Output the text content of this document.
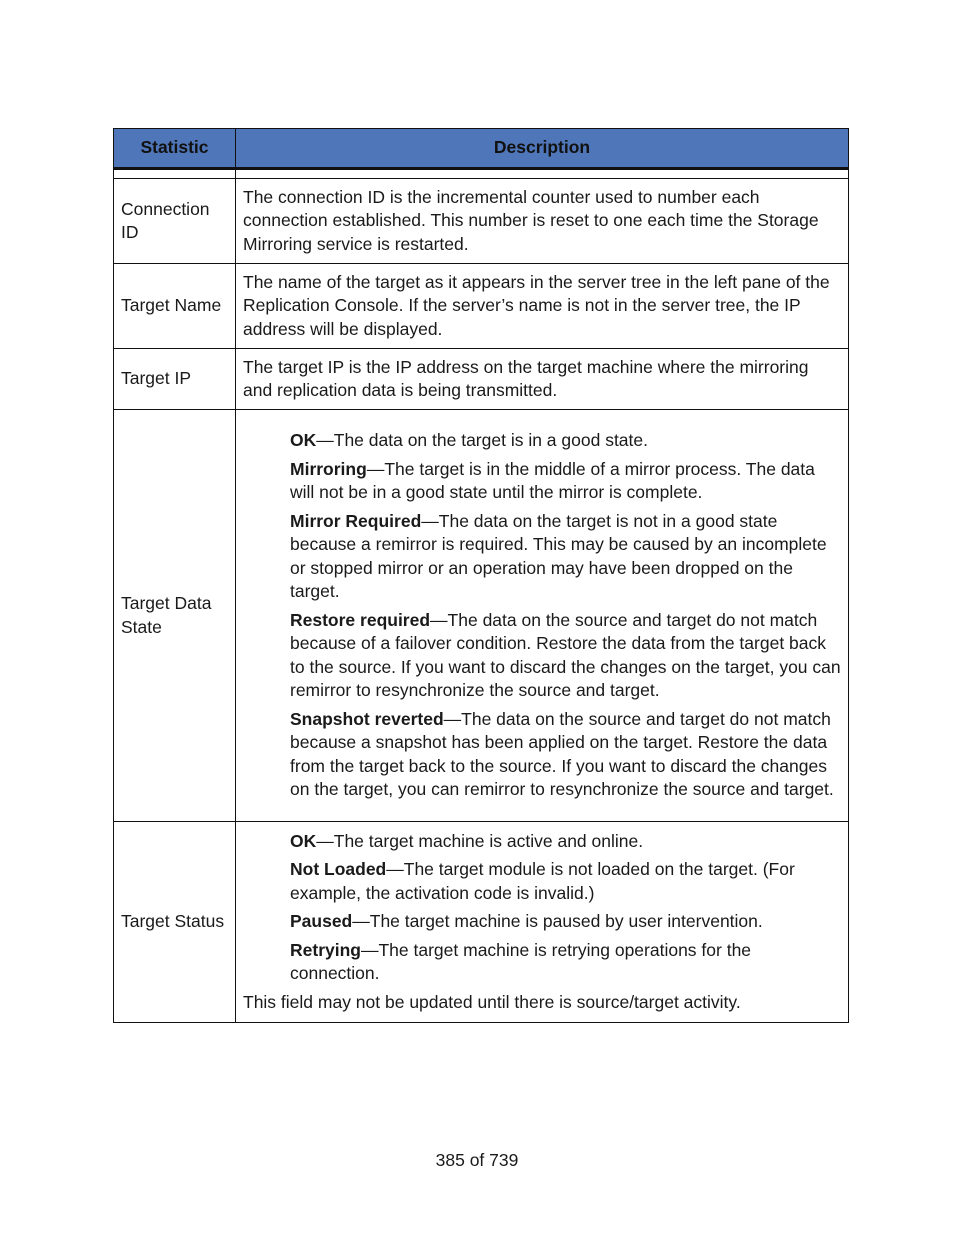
Statistic	Description

Connection ID	The connection ID is the incremental counter used to number each connection established. This number is reset to one each time the Storage Mirroring service is restarted.
Target Name	The name of the target as it appears in the server tree in the left pane of the Replication Console. If the server’s name is not in the server tree, the IP address will be displayed.
Target IP	The target IP is the IP address on the target machine where the mirroring and replication data is being transmitted.
Target Data State	OK—The data on the target is in a good state.
Mirroring—The target is in the middle of a mirror process. The data will not be in a good state until the mirror is complete.
Mirror Required—The data on the target is not in a good state because a remirror is required. This may be caused by an incomplete or stopped mirror or an operation may have been dropped on the target.
Restore required—The data on the source and target do not match because of a failover condition. Restore the data from the target back to the source. If you want to discard the changes on the target, you can remirror to resynchronize the source and target.
Snapshot reverted—The data on the source and target do not match because a snapshot has been applied on the target. Restore the data from the target back to the source. If you want to discard the changes on the target, you can remirror to resynchronize the source and target.

Target Status	OK—The target machine is active and online.
Not Loaded—The target module is not loaded on the target. (For example, the activation code is invalid.)
Paused—The target machine is paused by user intervention.
Retrying—The target machine is retrying operations for the connection.
This field may not be updated until there is source/target activity.
385 of 739
